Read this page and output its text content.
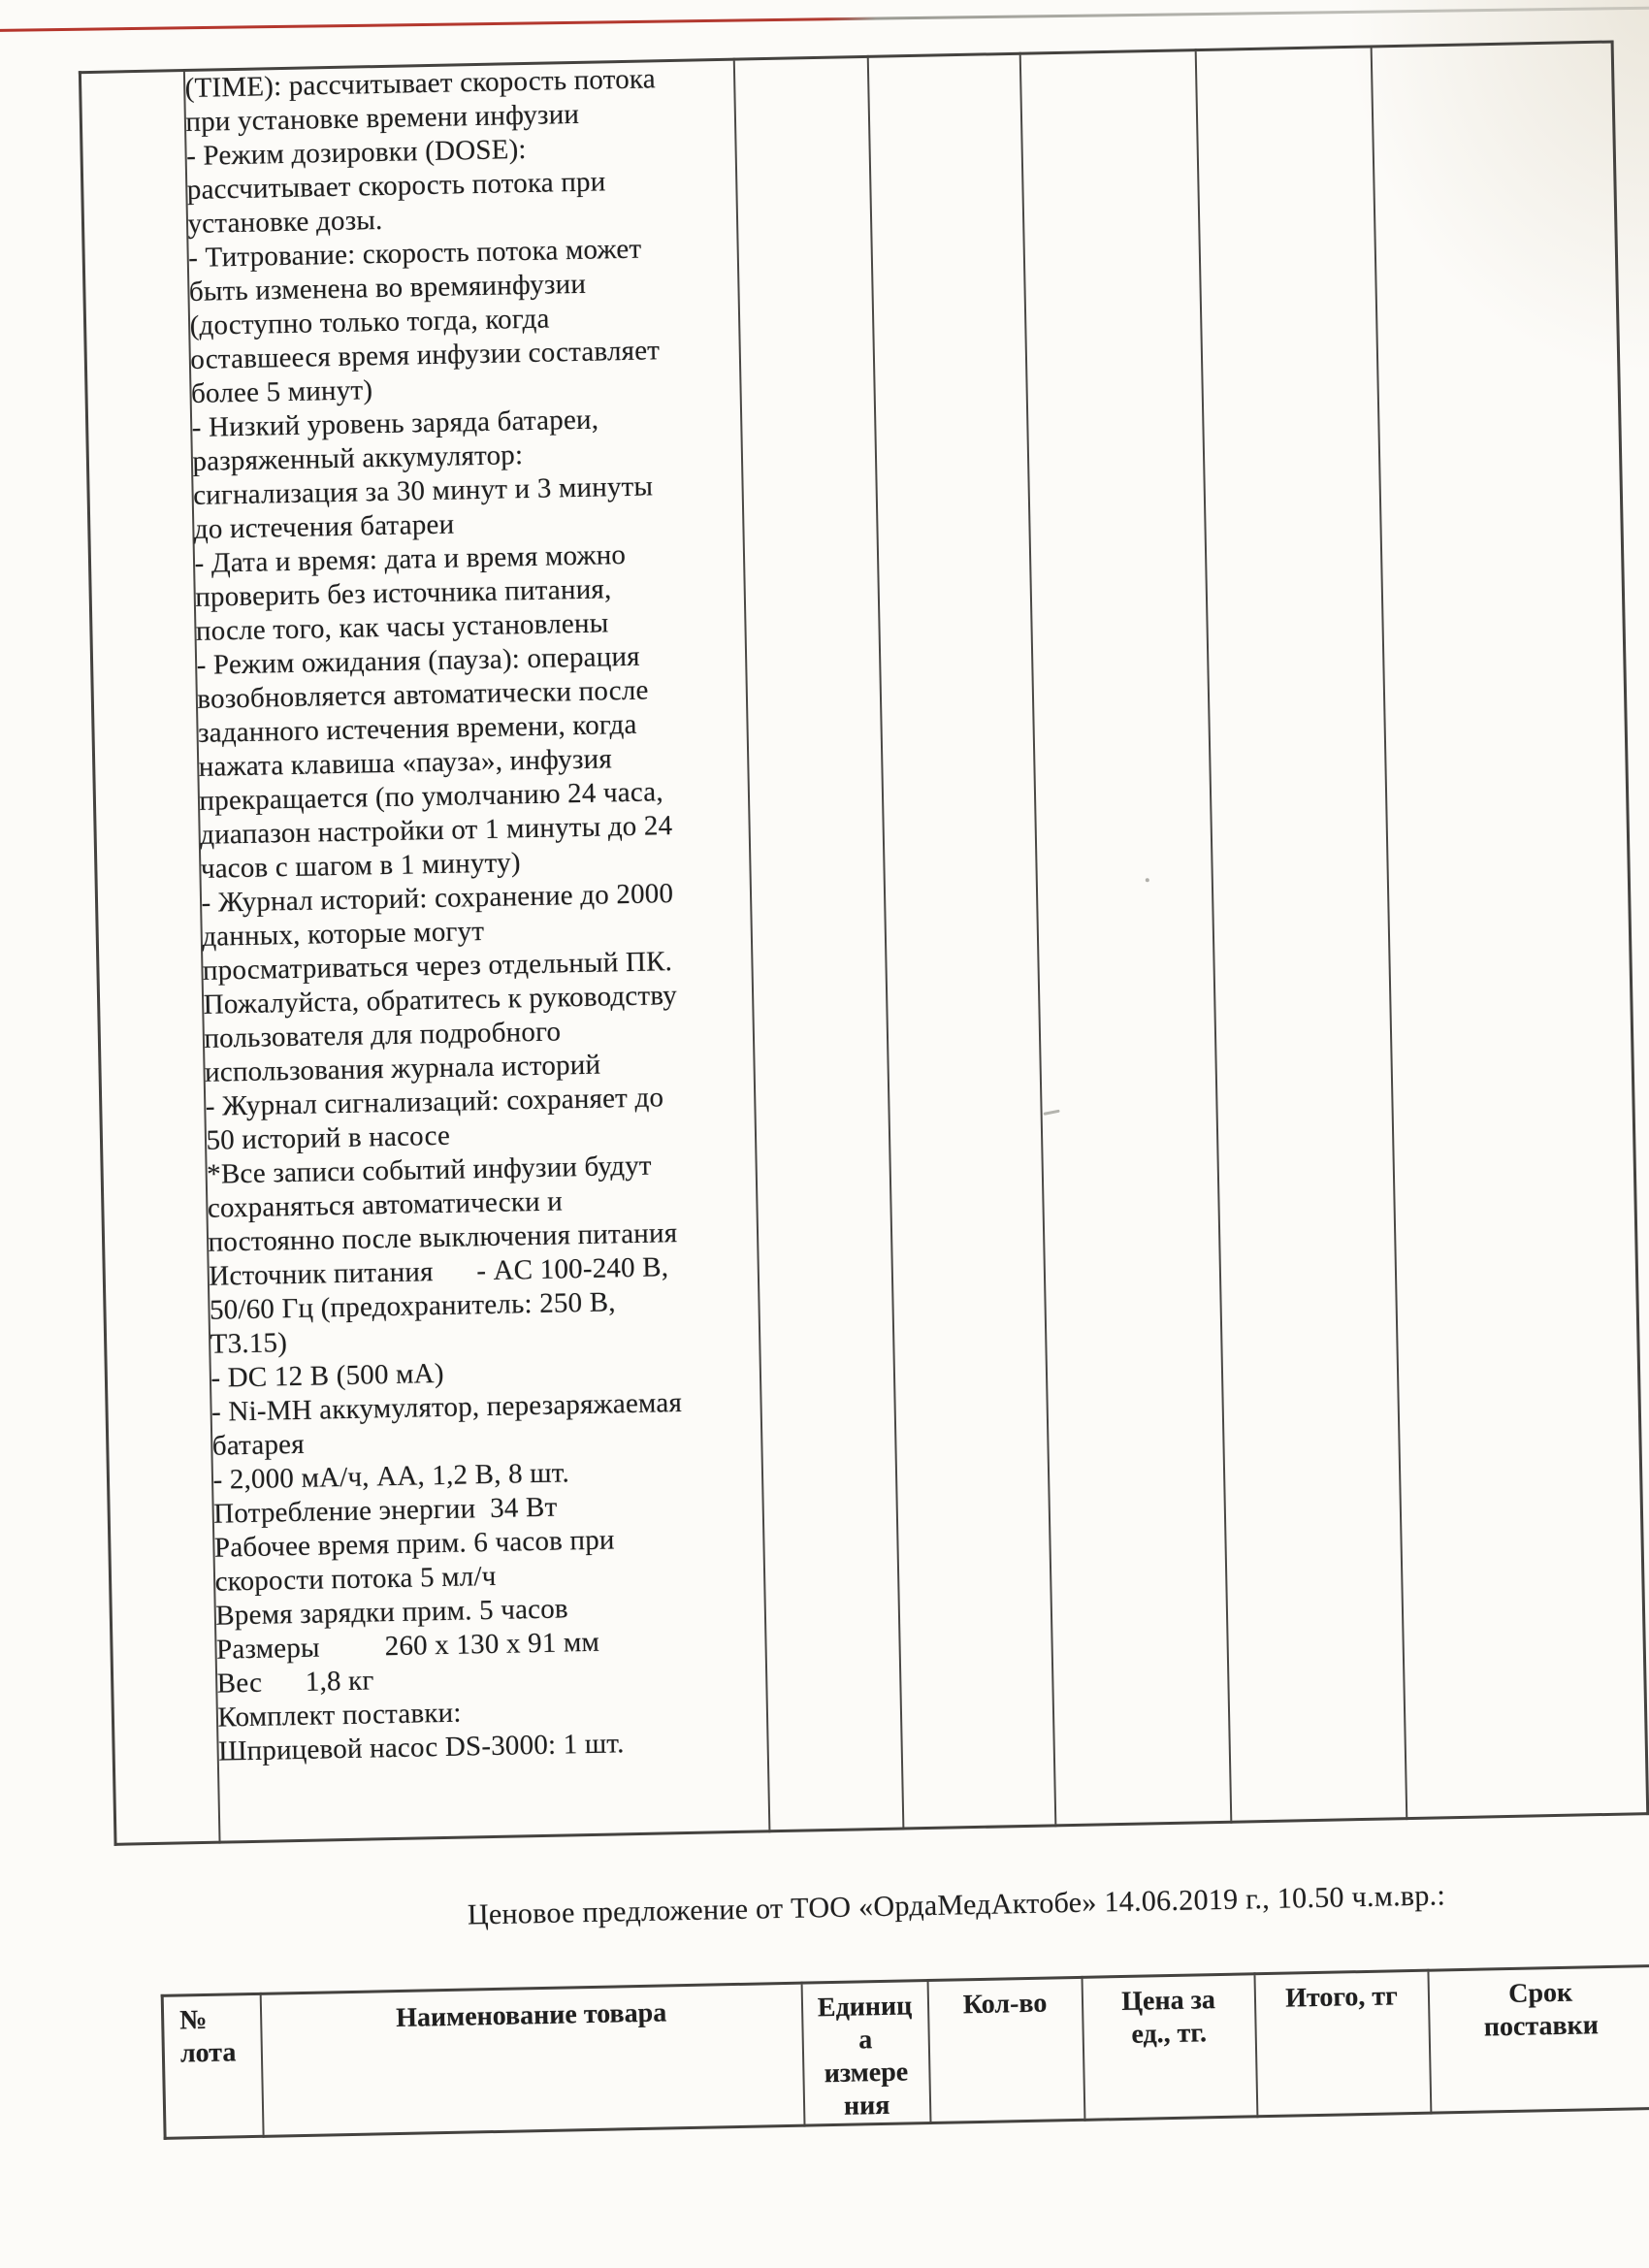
(TIME): рассчитывает скорость потока
при установке времени инфузии
- Режим дозировки (DOSE):
рассчитывает скорость потока при
установке дозы.
- Титрование: скорость потока может
быть изменена во времяинфузии
(доступно только тогда, когда
оставшееся время инфузии составляет
более 5 минут)
- Низкий уровень заряда батареи,
разряженный аккумулятор:
сигнализация за 30 минут и 3 минуты
до истечения батареи
- Дата и время: дата и время можно
проверить без источника питания,
после того, как часы установлены
- Режим ожидания (пауза): операция
возобновляется автоматически после
заданного истечения времени, когда
нажата клавиша «пауза», инфузия
прекращается (по умолчанию 24 часа,
диапазон настройки от 1 минуты до 24
часов с шагом в 1 минуту)
- Журнал историй: сохранение до 2000
данных, которые могут
просматриваться через отдельный ПК.
Пожалуйста, обратитесь к руководству
пользователя для подробного
использования журнала историй
- Журнал сигнализаций: сохраняет до
50 историй в насосе
*Все записи событий инфузии будут
сохраняться автоматически и
постоянно после выключения питания
Источник питания      - AC 100-240 В,
50/60 Гц (предохранитель: 250 В,
Т3.15)
- DC 12 В (500 мА)
- Ni-MH аккумулятор, перезаряжаемая
батарея
- 2,000 мА/ч, АА, 1,2 В, 8 шт.
Потребление энергии  34 Вт
Рабочее время прим. 6 часов при
скорости потока 5 мл/ч
Время зарядки прим. 5 часов
Размеры         260 x 130 x 91 мм
Вес      1,8 кг
Комплект поставки:
Шприцевой насос DS-3000: 1 шт.

Ценовое предложение от ТОО «ОрдаМедАктобе» 14.06.2019 г., 10.50 ч.м.вр.:
№
лота	Наименование товара	Единиц
а
измере
ния	Кол-во	Цена за
ед., тг.	Итого, тг	Срок
поставки
